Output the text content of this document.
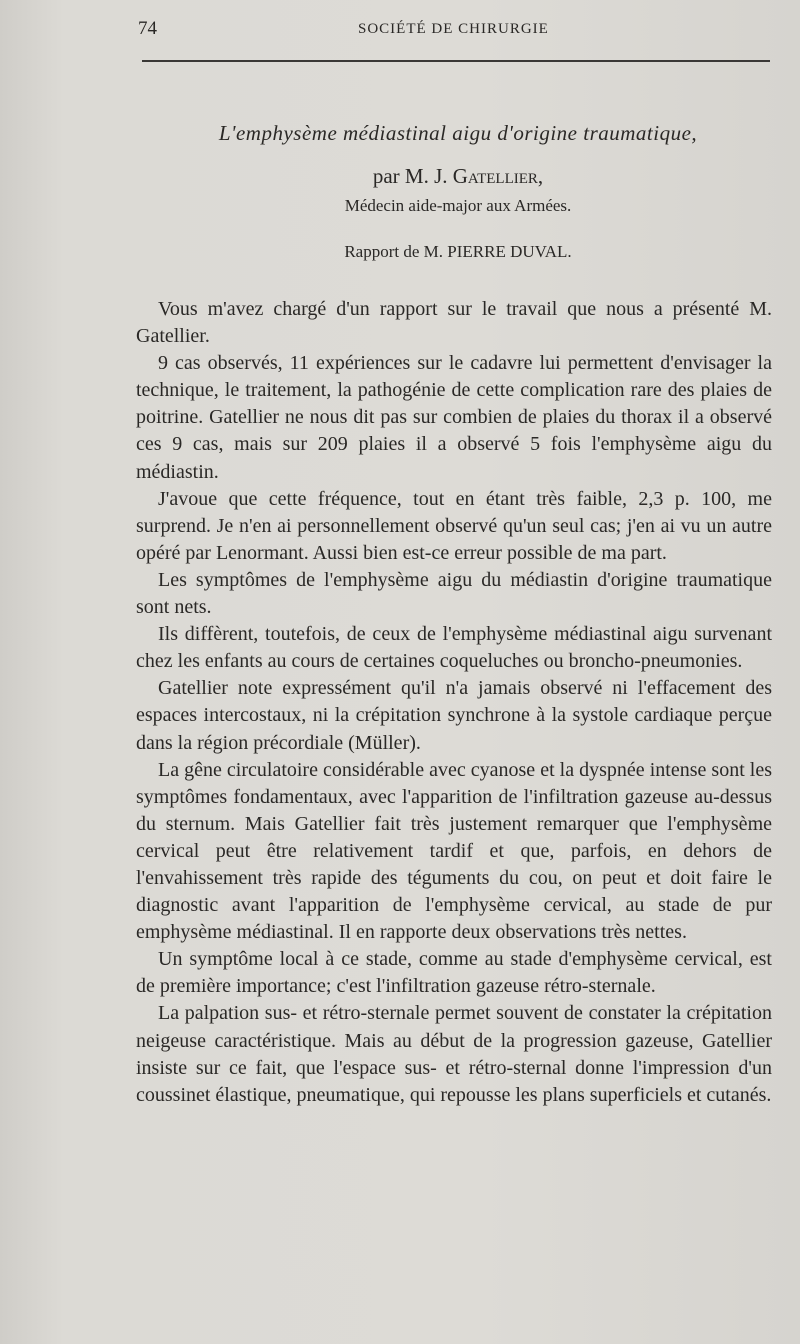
74	SOCIÉTÉ DE CHIRURGIE
L'emphysème médiastinal aigu d'origine traumatique,
par M. J. Gatellier,
Médecin aide-major aux Armées.
Rapport de M. PIERRE DUVAL.

Vous m'avez chargé d'un rapport sur le travail que nous a présenté M. Gatellier.

9 cas observés, 11 expériences sur le cadavre lui permettent d'envisager la technique, le traitement, la pathogénie de cette complication rare des plaies de poitrine. Gatellier ne nous dit pas sur combien de plaies du thorax il a observé ces 9 cas, mais sur 209 plaies il a observé 5 fois l'emphysème aigu du médiastin.

J'avoue que cette fréquence, tout en étant très faible, 2,3 p. 100, me surprend. Je n'en ai personnellement observé qu'un seul cas; j'en ai vu un autre opéré par Lenormant. Aussi bien est-ce erreur possible de ma part.

Les symptômes de l'emphysème aigu du médiastin d'origine traumatique sont nets.

Ils diffèrent, toutefois, de ceux de l'emphysème médiastinal aigu survenant chez les enfants au cours de certaines coqueluches ou broncho-pneumonies.

Gatellier note expressément qu'il n'a jamais observé ni l'effacement des espaces intercostaux, ni la crépitation synchrone à la systole cardiaque perçue dans la région précordiale (Müller).

La gêne circulatoire considérable avec cyanose et la dyspnée intense sont les symptômes fondamentaux, avec l'apparition de l'infiltration gazeuse au-dessus du sternum. Mais Gatellier fait très justement remarquer que l'emphysème cervical peut être relativement tardif et que, parfois, en dehors de l'envahissement très rapide des téguments du cou, on peut et doit faire le diagnostic avant l'apparition de l'emphysème cervical, au stade de pur emphysème médiastinal. Il en rapporte deux observations très nettes.

Un symptôme local à ce stade, comme au stade d'emphysème cervical, est de première importance; c'est l'infiltration gazeuse rétro-sternale.

La palpation sus- et rétro-sternale permet souvent de constater la crépitation neigeuse caractéristique. Mais au début de la progression gazeuse, Gatellier insiste sur ce fait, que l'espace sus- et rétro-sternal donne l'impression d'un coussinet élastique, pneumatique, qui repousse les plans superficiels et cutanés.
